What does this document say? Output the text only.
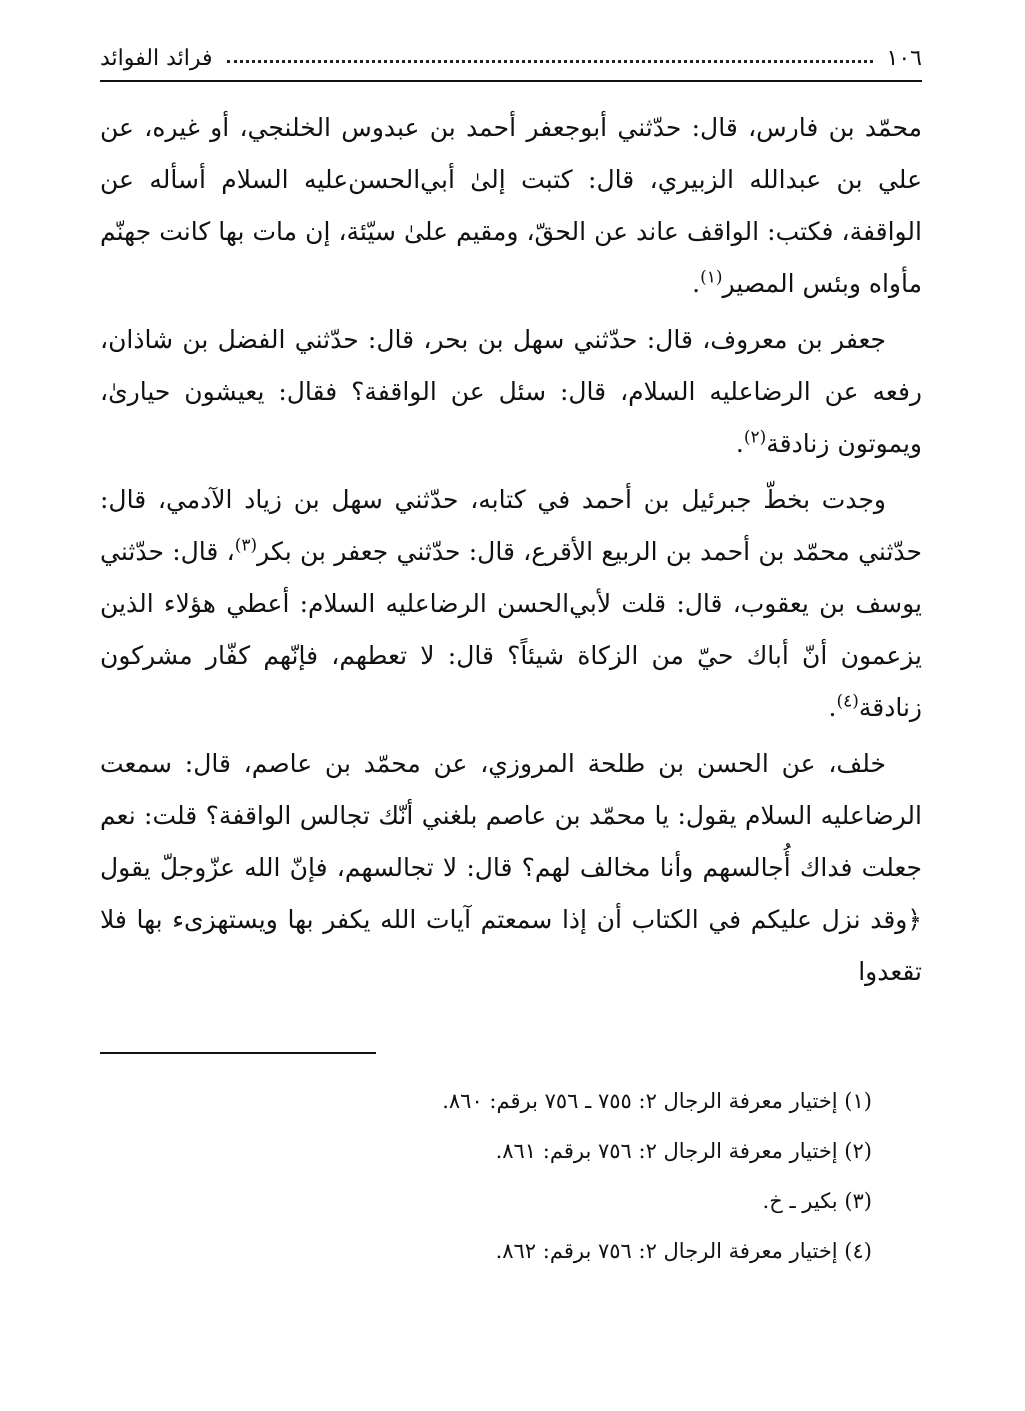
١٠٦
فرائد الفوائد

محمّد بن فارس، قال: حدّثني أبوجعفر أحمد بن عبدوس الخلنجي، أو غيره، عن علي بن عبدالله الزبيري، قال: كتبت إلىٰ أبي‌الحسن‌عليه السلام أسأله عن الواقفة، فكتب: الواقف عاند عن الحقّ، ومقيم علىٰ سيّئة، إن مات بها كانت جهنّم مأواه وبئس المصير$^{(١)}$.

جعفر بن معروف، قال: حدّثني سهل بن بحر، قال: حدّثني الفضل بن شاذان، رفعه عن الرضاعليه السلام، قال: سئل عن الواقفة؟ فقال: يعيشون حيارىٰ، ويموتون زنادقة$^{(٢)}$.

وجدت بخطّ جبرئيل بن أحمد في كتابه، حدّثني سهل بن زياد الآدمي، قال: حدّثني محمّد بن أحمد بن الربيع الأقرع، قال: حدّثني جعفر بن بكر$^{(٣)}$، قال: حدّثني يوسف بن يعقوب، قال: قلت لأبي‌الحسن الرضاعليه السلام: أعطي هؤلاء الذين يزعمون أنّ أباك حيّ من الزكاة شيئاً؟ قال: لا تعطهم، فإنّهم كفّار مشركون زنادقة$^{(٤)}$.

خلف، عن الحسن بن طلحة المروزي، عن محمّد بن عاصم، قال: سمعت الرضاعليه السلام يقول: يا محمّد بن عاصم بلغني أنّك تجالس الواقفة؟ قلت: نعم جعلت فداك أُجالسهم وأنا مخالف لهم؟ قال: لا تجالسهم، فإنّ الله عزّوجلّ يقول ﴿وقد نزل عليكم في الكتاب أن إذا سمعتم آيات الله يكفر بها ويستهزىء بها فلا تقعدوا

(١) إختيار معرفة الرجال ٢: ٧٥٥ ـ ٧٥٦ برقم: ٨٦٠.

(٢) إختيار معرفة الرجال ٢: ٧٥٦ برقم: ٨٦١.

(٣) بكير ـ خ.

(٤) إختيار معرفة الرجال ٢: ٧٥٦ برقم: ٨٦٢.
